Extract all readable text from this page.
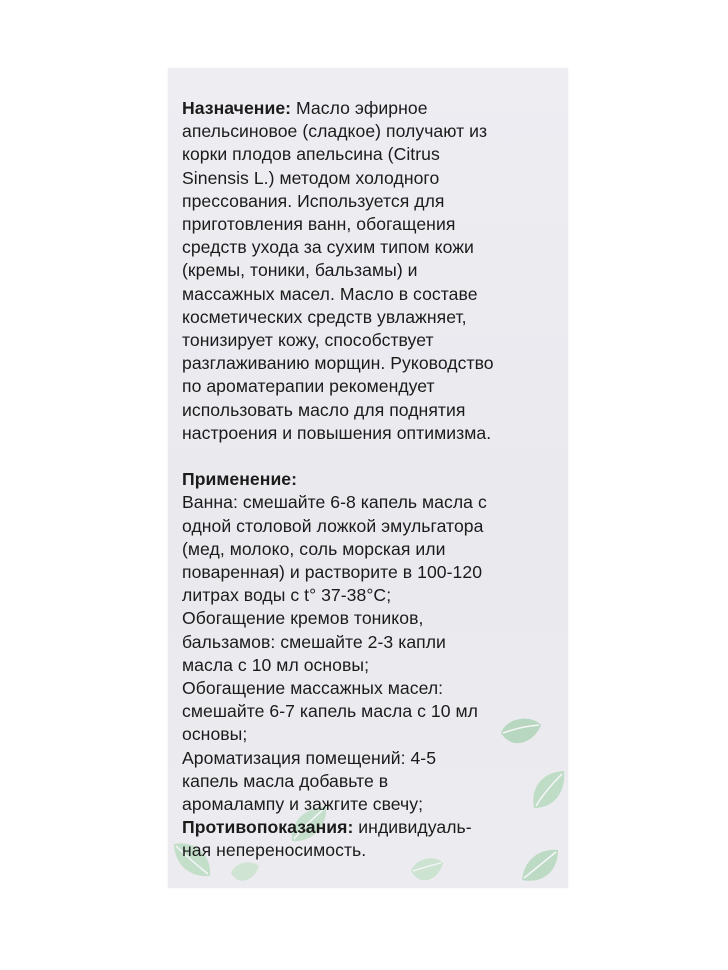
Назначение: Масло эфирное
апельсиновое (сладкое) получают из
корки плодов апельсина (Citrus
Sinensis L.) методом холодного
прессования. Используется для
приготовления ванн, обогащения
средств ухода за сухим типом кожи
(кремы, тоники, бальзамы) и
массажных масел. Масло в составе
косметических средств увлажняет,
тонизирует кожу, способствует
разглаживанию морщин. Руководство
по ароматерапии рекомендует
использовать масло для поднятия
настроения и повышения оптимизма.
Применение:
Ванна: смешайте 6-8 капель масла с
одной столовой ложкой эмульгатора
(мед, молоко, соль морская или
поваренная) и растворите в 100-120
литрах воды с t° 37-38°С;
Обогащение кремов тоников,
бальзамов: смешайте 2-3 капли
масла с 10 мл основы;
Обогащение массажных масел:
смешайте 6-7 капель масла с 10 мл
основы;
Ароматизация помещений: 4-5
капель масла добавьте в
аромалампу и зажгите свечу;
Противопоказания: индивидуаль-
ная непереносимость.
